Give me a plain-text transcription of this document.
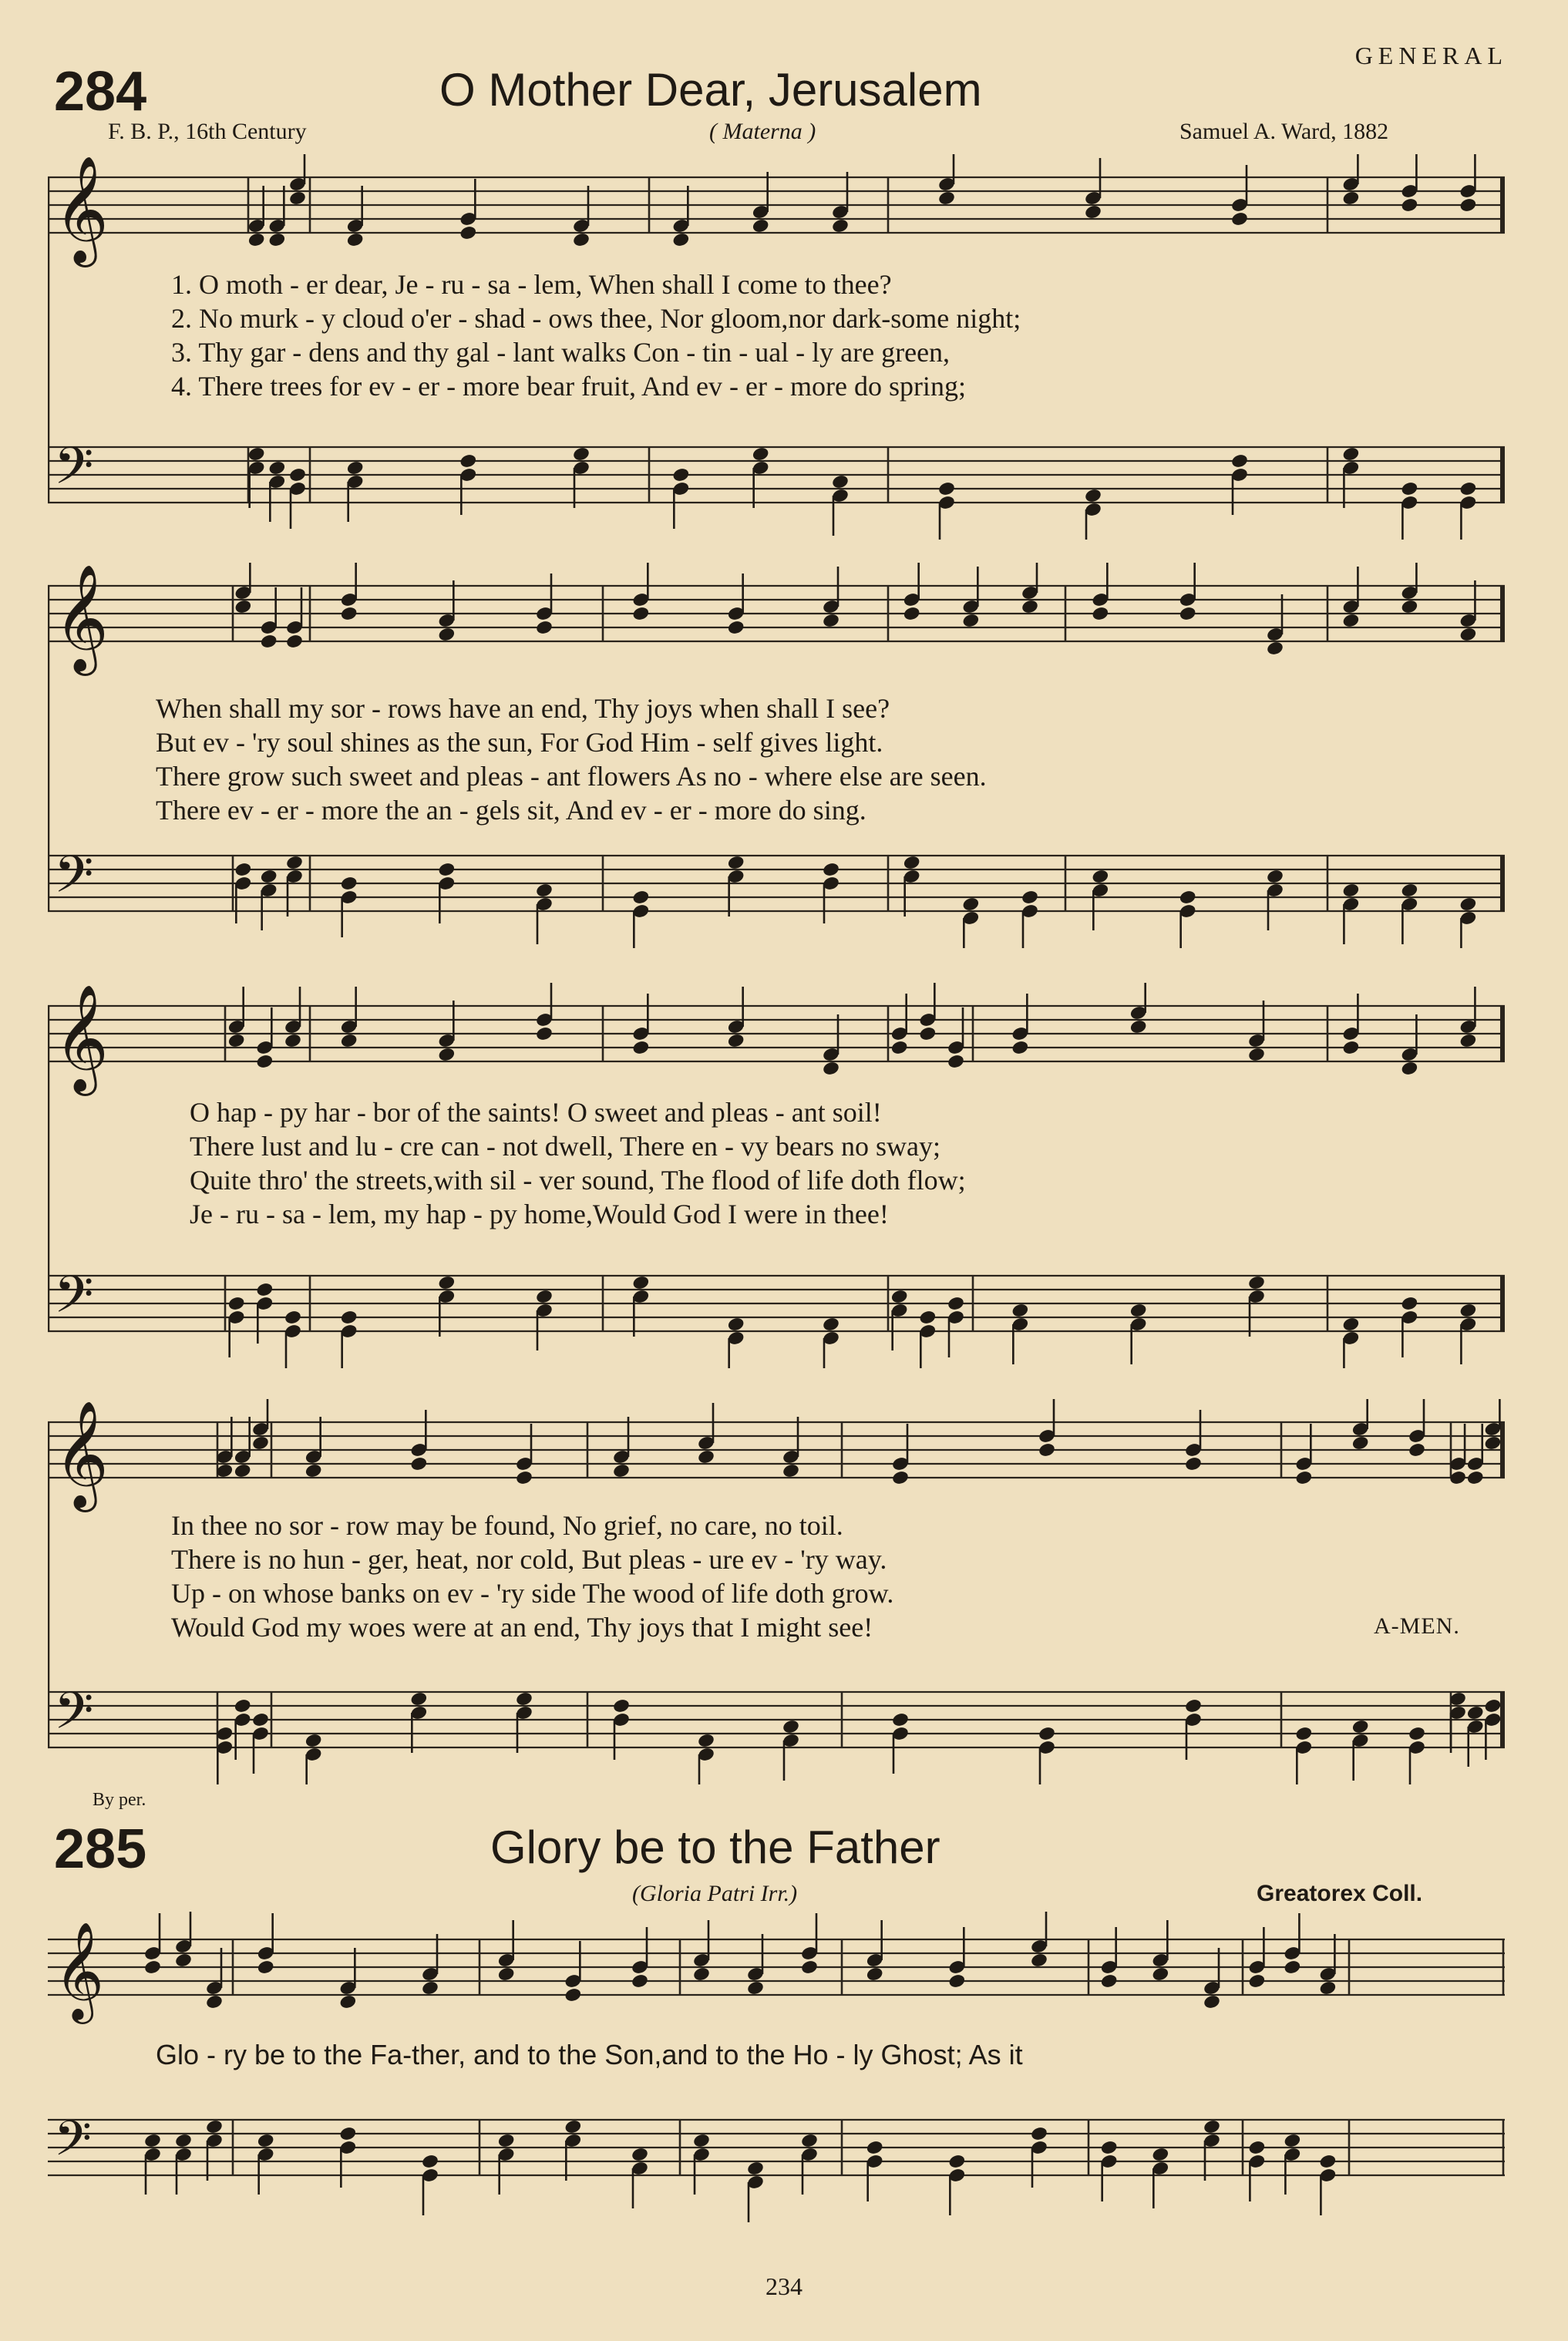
GENERAL
284	O Mother Dear, Jerusalem
F. B. P., 16th Century	( Materna )	Samuel A. Ward, 1882
𝄞
𝄢
𝄞
𝄢
𝄞
𝄢
𝄞
𝄢
1. O moth - er dear, Je - ru - sa - lem, When shall I come to thee?
2. No murk - y cloud o'er - shad - ows thee, Nor gloom,nor dark-some night;
3. Thy gar - dens and thy gal - lant walks Con - tin - ual - ly are green,
4. There trees for ev - er - more bear fruit, And ev - er - more do spring;
When shall my sor - rows have an end, Thy joys when shall I see?
But ev - 'ry soul shines as the sun, For God Him - self gives light.
There grow such sweet and pleas - ant flowers As no - where else are seen.
There ev - er - more the an - gels sit, And ev - er - more do sing.
O hap - py har - bor of the saints! O sweet and pleas - ant soil!
There lust and lu - cre can - not dwell, There en - vy bears no sway;
Quite thro' the streets,with sil - ver sound, The flood of life doth flow;
Je - ru - sa - lem, my hap - py home,Would God I were in thee!
In thee no sor - row may be found, No grief, no care, no toil.
There is no hun - ger, heat, nor cold, But pleas - ure ev - 'ry way.
Up - on whose banks on ev - 'ry side The wood of life doth grow.
Would God my woes were at an end, Thy joys that I might see!	A-MEN.
By per.
285	Glory be to the Father
(Gloria Patri Irr.)	Greatorex Coll.
𝄞
𝄢
Glo - ry be to the Fa-ther, and to the Son,and to the Ho - ly Ghost; As it
234
